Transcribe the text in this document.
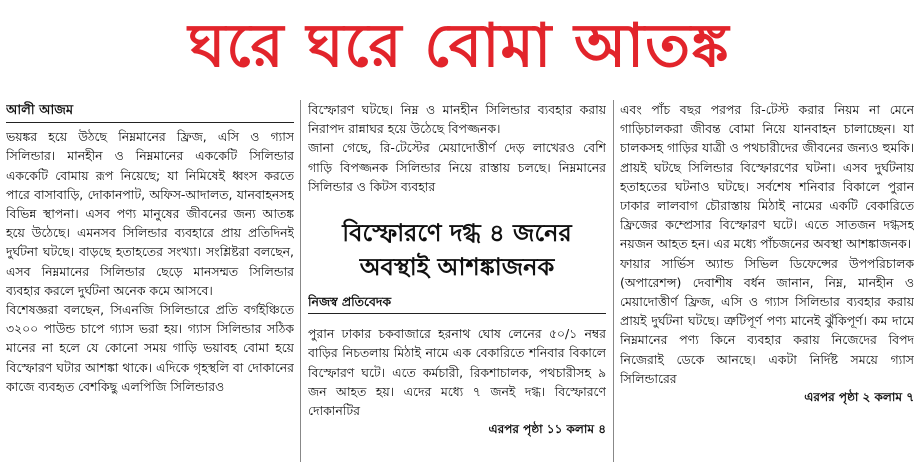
ঘরে ঘরে বোমা আতঙ্ক
আলী আজম

ভয়ঙ্কর হয়ে উঠছে নিম্নমানের ফ্রিজ, এসি ও গ্যাস সিলিন্ডার। মানহীন ও নিম্নমানের এককেটি সিলিন্ডার এককেটি বোমায় রূপ নিয়েছে; যা নিমিষেই ধ্বংস করতে পারে বাসাবাড়ি, দোকানপাট, অফিস-আদালত, যানবাহনসহ বিভিন্ন স্থাপনা। এসব পণ্য মানুষের জীবনের জন্য আতঙ্ক হয়ে উঠেছে। এমনসব সিলিন্ডার ব্যবহারে প্রায় প্রতিদিনই দুর্ঘটনা ঘটছে। বাড়ছে হতাহতের সংখ্যা। সংশ্লিষ্টরা বলছেন, এসব নিম্নমানের সিলিন্ডার ছেড়ে মানসম্মত সিলিন্ডার ব্যবহার করলে দুর্ঘটনা অনেক কমে আসবে।

বিশেষজ্ঞরা বলছেন, সিএনজি সিলিন্ডারে প্রতি বর্গইঞ্চিতে ৩২০০ পাউন্ড চাপে গ্যাস ভরা হয়। গ্যাস সিলিন্ডার সঠিক মানের না হলে যে কোনো সময় গাড়ি ভয়াবহ বোমা হয়ে বিস্ফোরণ ঘটার আশঙ্কা থাকে। এদিকে গৃহস্থলি বা দোকানের কাজে ব্যবহৃত বেশকিছু এলপিজি সিলিন্ডারও

বিস্ফোরণ ঘটছে। নিম্ন ও মানহীন সিলিন্ডার ব্যবহার করায় নিরাপদ রান্নাঘর হয়ে উঠেছে বিপজ্জনক।

জানা গেছে, রি-টেস্টের মেয়াদোত্তীর্ণ দেড় লাখেরও বেশি গাড়ি বিপজ্জনক সিলিন্ডার নিয়ে রাস্তায় চলছে। নিম্নমানের সিলিন্ডার ও কিটস ব্যবহার

বিস্ফোরণে দগ্ধ ৪ জনের অবস্থাই আশঙ্কাজনক
নিজস্ব প্রতিবেদক

পুরান ঢাকার চকবাজারে হরনাথ ঘোষ লেনের ৫০/১ নম্বর বাড়ির নিচতলায় মিঠাই নামে এক বেকারিতে শনিবার বিকালে বিস্ফোরণ ঘটে। এতে কর্মচারী, রিকশাচালক, পথচারীসহ ৯ জন আহত হয়। এদের মধ্যে ৭ জনই দগ্ধ। বিস্ফোরণে দোকানটির

এরপর পৃষ্ঠা ১১ কলাম ৪

এবং পাঁচ বছর পরপর রি-টেস্ট করার নিয়ম না মেনে গাড়িচালকরা জীবন্ত বোমা নিয়ে যানবাহন চালাচ্ছেন। যা চালকসহ গাড়ির যাত্রী ও পথচারীদের জীবনের জন্যও হুমকি। প্রায়ই ঘটছে সিলিন্ডার বিস্ফোরণের ঘটনা। এসব দুর্ঘটনায় হতাহতের ঘটনাও ঘটছে। সর্বশেষ শনিবার বিকালে পুরান ঢাকার লালবাগ চৌরাস্তায় মিঠাই নামের একটি বেকারিতে ফ্রিজের কম্প্রেসার বিস্ফোরণ ঘটে। এতে সাতজন দগ্ধসহ নয়জন আহত হন। এর মধ্যে পাঁচজনের অবস্থা আশঙ্কাজনক।

ফায়ার সার্ভিস অ্যান্ড সিভিল ডিফেন্সের উপপরিচালক (অপারেশন্স) দেবাশীষ বর্ধন জানান, নিম্ন, মানহীন ও মেয়াদোত্তীর্ণ ফ্রিজ, এসি ও গ্যাস সিলিন্ডার ব্যবহার করায় প্রায়ই দুর্ঘটনা ঘটছে। ত্রুটিপূর্ণ পণ্য মানেই ঝুঁকিপূর্ণ। কম দামে নিম্নমানের পণ্য কিনে ব্যবহার করায় নিজেদের বিপদ নিজেরাই ডেকে আনছে। একটা নির্দিষ্ট সময়ে গ্যাস সিলিন্ডারের

এরপর পৃষ্ঠা ২ কলাম ৭
